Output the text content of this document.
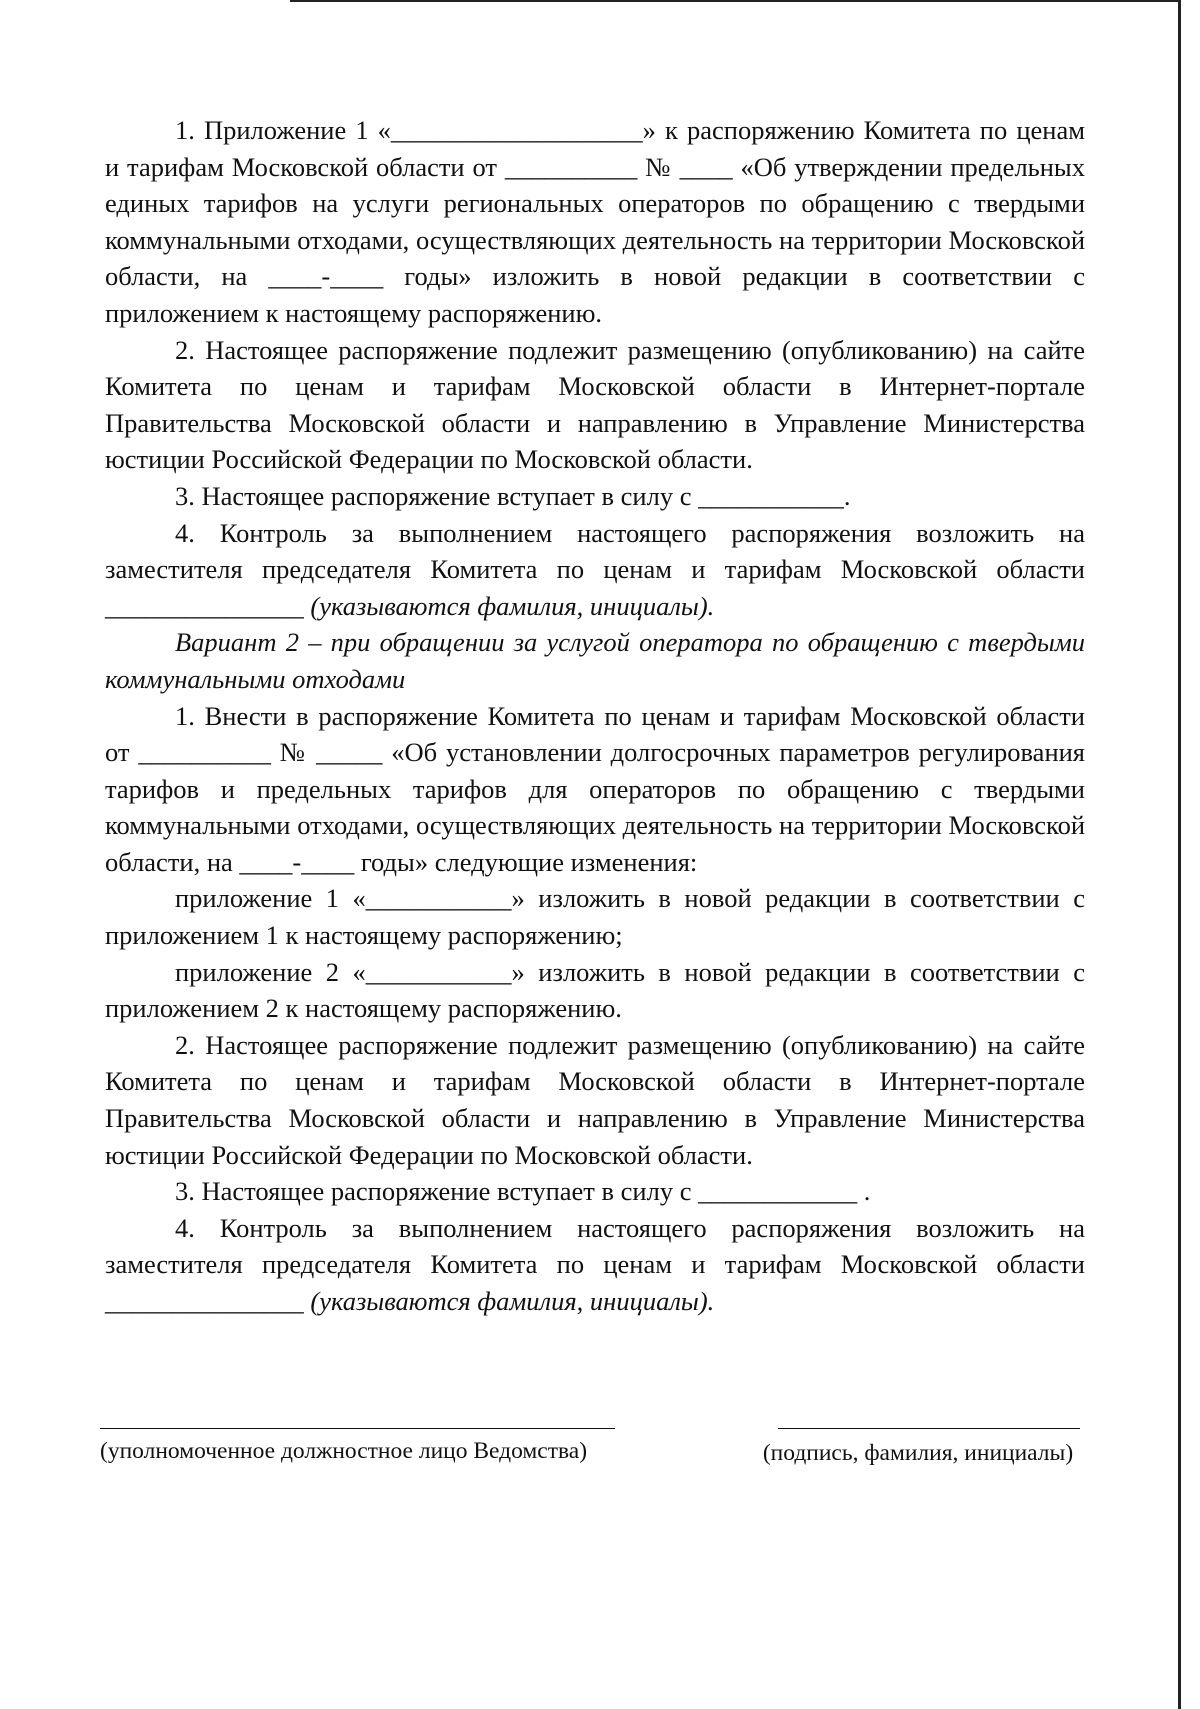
1. Приложение 1 «___________________» к распоряжению Комитета по ценам и тарифам Московской области от __________ № ____ «Об утверждении предельных единых тарифов на услуги региональных операторов по обращению с твердыми коммунальными отходами, осуществляющих деятельность на территории Московской области, на ____-____ годы» изложить в новой редакции в соответствии с приложением к настоящему распоряжению.

2. Настоящее распоряжение подлежит размещению (опубликованию) на сайте Комитета по ценам и тарифам Московской области в Интернет-портале Правительства Московской области и направлению в Управление Министерства юстиции Российской Федерации по Московской области.

3. Настоящее распоряжение вступает в силу с ___________.

4. Контроль за выполнением настоящего распоряжения возложить на заместителя председателя Комитета по ценам и тарифам Московской области _______________ (указываются фамилия, инициалы).

Вариант 2 – при обращении за услугой оператора по обращению с твердыми коммунальными отходами

1. Внести в распоряжение Комитета по ценам и тарифам Московской области от __________ № _____ «Об установлении долгосрочных параметров регулирования тарифов и предельных тарифов для операторов по обращению с твердыми коммунальными отходами, осуществляющих деятельность на территории Московской области, на ____-____ годы» следующие изменения:

приложение 1 «___________» изложить в новой редакции в соответствии с приложением 1 к настоящему распоряжению;

приложение 2 «___________» изложить в новой редакции в соответствии с приложением 2 к настоящему распоряжению.

2. Настоящее распоряжение подлежит размещению (опубликованию) на сайте Комитета по ценам и тарифам Московской области в Интернет-портале Правительства Московской области и направлению в Управление Министерства юстиции Российской Федерации по Московской области.

3. Настоящее распоряжение вступает в силу с ____________ .

4. Контроль за выполнением настоящего распоряжения возложить на заместителя председателя Комитета по ценам и тарифам Московской области _______________ (указываются фамилия, инициалы).

(уполномоченное должностное лицо Ведомства)	(подпись, фамилия, инициалы)
